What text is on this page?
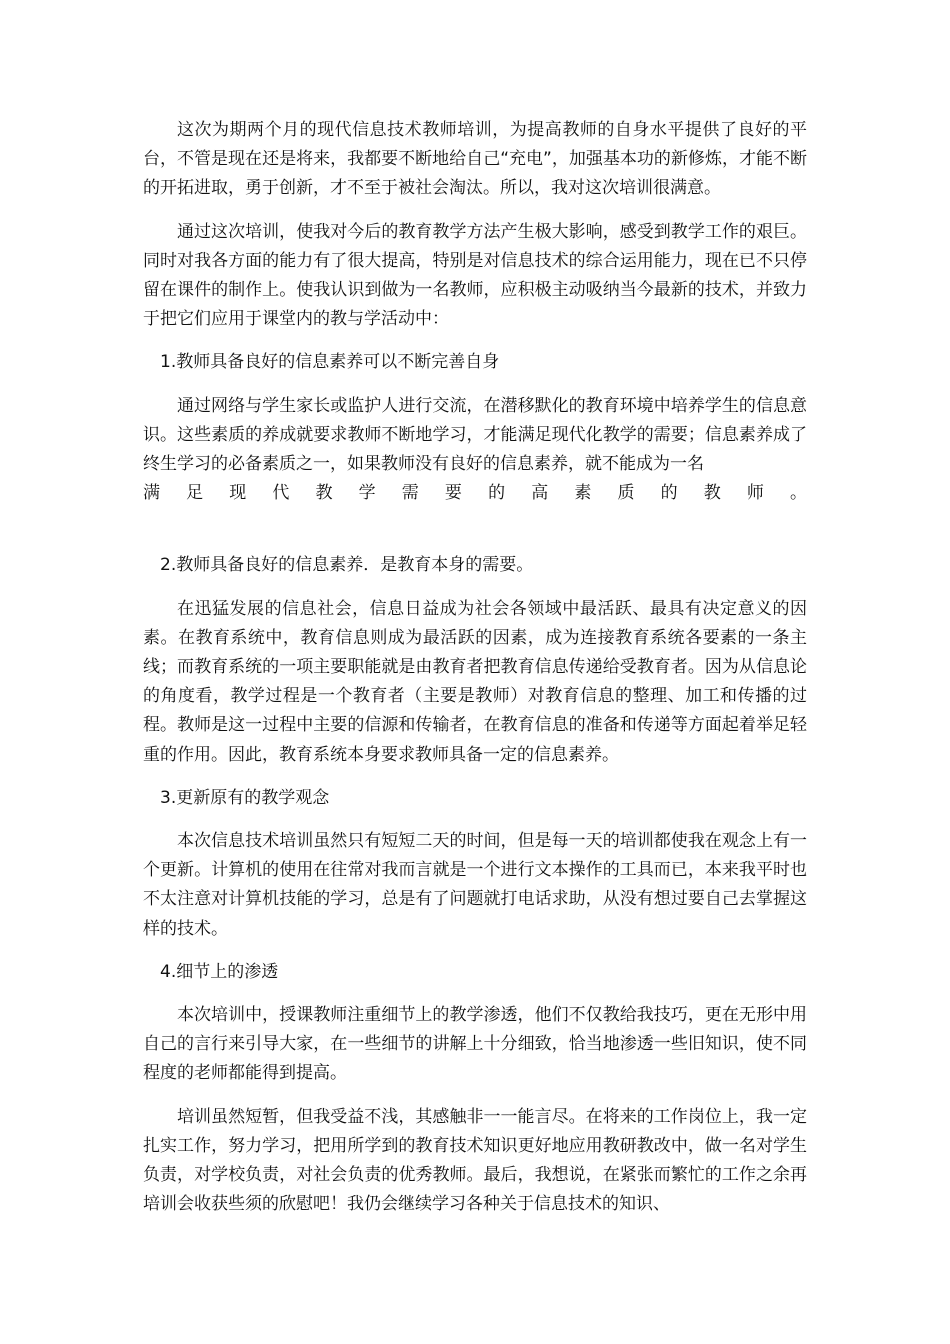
这次为期两个月的现代信息技术教师培训，为提高教师的自身水平提供了良好的平台，不管是现在还是将来，我都要不断地给自己“充电”，加强基本功的新修炼，才能不断的开拓进取，勇于创新，才不至于被社会淘汰。所以，我对这次培训很满意。

通过这次培训，使我对今后的教育教学方法产生极大影响，感受到教学工作的艰巨。同时对我各方面的能力有了很大提高，特别是对信息技术的综合运用能力，现在已不只停留在课件的制作上。使我认识到做为一名教师，应积极主动吸纳当今最新的技术，并致力于把它们应用于课堂内的教与学活动中：

1.教师具备良好的信息素养可以不断完善自身

通过网络与学生家长或监护人进行交流，在潜移默化的教育环境中培养学生的信息意识。这些素质的养成就要求教师不断地学习，才能满足现代化教学的需要；信息素养成了终生学习的必备素质之一，如果教师没有良好的信息素养，就不能成为一名
满足现代教学需要的高素质的教师。

2.教师具备良好的信息素养．是教育本身的需要。

在迅猛发展的信息社会，信息日益成为社会各领域中最活跃、最具有决定意义的因素。在教育系统中，教育信息则成为最活跃的因素，成为连接教育系统各要素的一条主线；而教育系统的一项主要职能就是由教育者把教育信息传递给受教育者。因为从信息论的角度看，教学过程是一个教育者（主要是教师）对教育信息的整理、加工和传播的过程。教师是这一过程中主要的信源和传输者，在教育信息的准备和传递等方面起着举足轻重的作用。因此，教育系统本身要求教师具备一定的信息素养。

3.更新原有的教学观念

本次信息技术培训虽然只有短短二天的时间，但是每一天的培训都使我在观念上有一个更新。计算机的使用在往常对我而言就是一个进行文本操作的工具而已，本来我平时也不太注意对计算机技能的学习，总是有了问题就打电话求助，从没有想过要自己去掌握这样的技术。

4.细节上的渗透

本次培训中，授课教师注重细节上的教学渗透，他们不仅教给我技巧，更在无形中用自己的言行来引导大家，在一些细节的讲解上十分细致，恰当地渗透一些旧知识，使不同程度的老师都能得到提高。

培训虽然短暂，但我受益不浅，其感触非一一能言尽。在将来的工作岗位上，我一定扎实工作，努力学习，把用所学到的教育技术知识更好地应用教研教改中，做一名对学生负责，对学校负责，对社会负责的优秀教师。最后，我想说，在紧张而繁忙的工作之余再培训会收获些须的欣慰吧！我仍会继续学习各种关于信息技术的知识、
